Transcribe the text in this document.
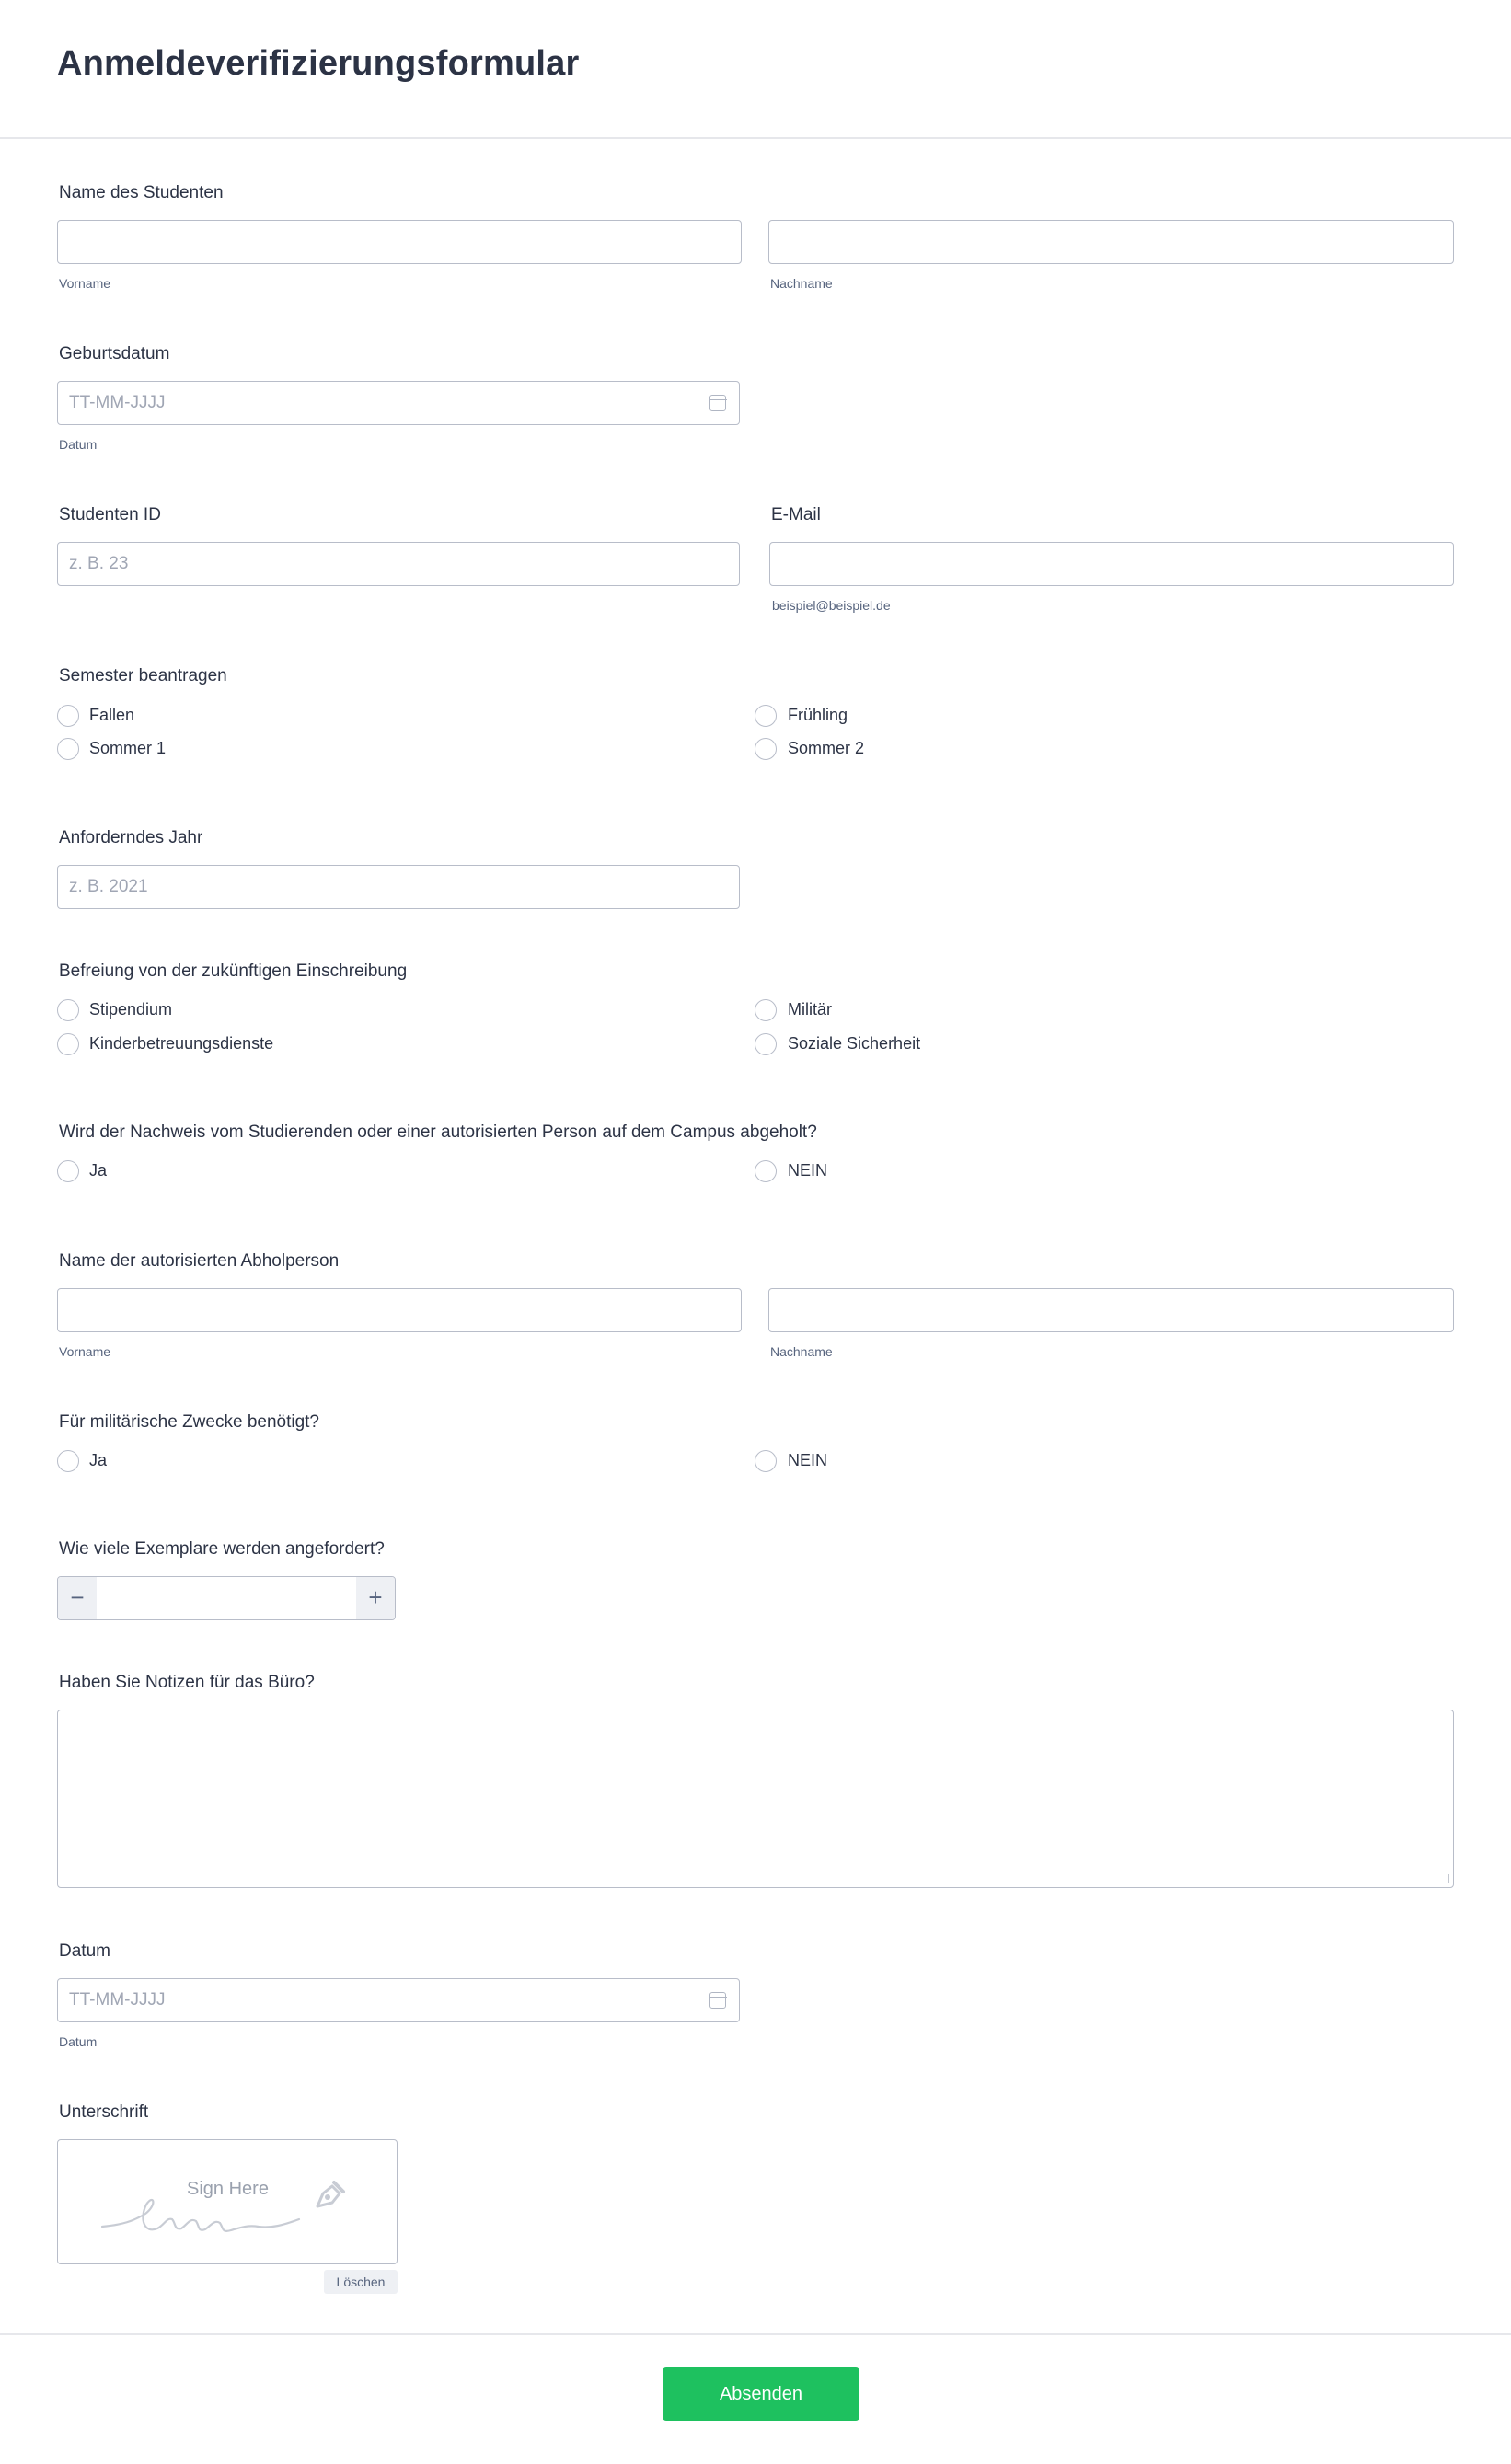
Anmeldeverifizierungsformular
Name des Studenten
Vorname	Nachname
Geburtsdatum
TT-MM-JJJJ
Datum
Studenten ID
z. B. 23
E-Mail
beispiel@beispiel.de
Semester beantragen
Fallen	Frühling
Sommer 1	Sommer 2
Anforderndes Jahr
z. B. 2021
Befreiung von der zukünftigen Einschreibung
Stipendium	Militär
Kinderbetreuungsdienste	Soziale Sicherheit
Wird der Nachweis vom Studierenden oder einer autorisierten Person auf dem Campus abgeholt?
Ja	NEIN
Name der autorisierten Abholperson
Vorname	Nachname
Für militärische Zwecke benötigt?
Ja	NEIN
Wie viele Exemplare werden angefordert?
−	+
Haben Sie Notizen für das Büro?
Datum
TT-MM-JJJJ
Datum
Unterschrift
Sign Here
Löschen
Absenden
